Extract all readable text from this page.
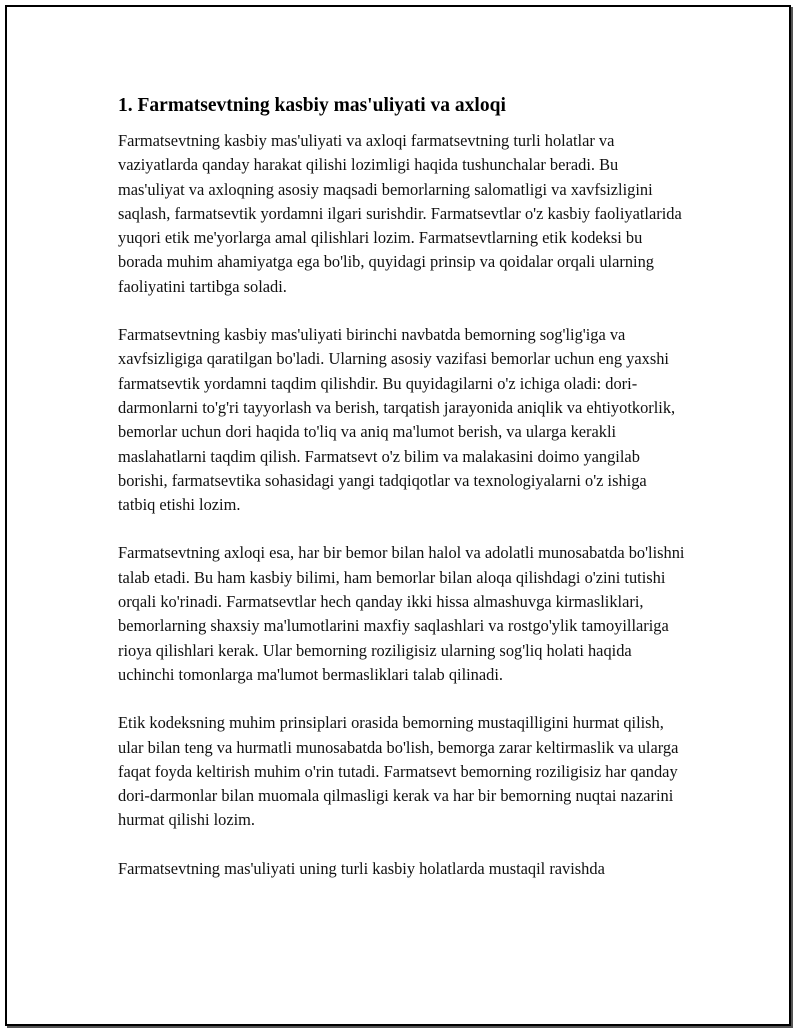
1. Farmatsevtning kasbiy mas'uliyati va axloqi

Farmatsevtning kasbiy mas'uliyati va axloqi farmatsevtning turli holatlar va vaziyatlarda qanday harakat qilishi lozimligi haqida tushunchalar beradi. Bu mas'uliyat va axloqning asosiy maqsadi bemorlarning salomatligi va xavfsizligini saqlash, farmatsevtik yordamni ilgari surishdir. Farmatsevtlar o'z kasbiy faoliyatlarida yuqori etik me'yorlarga amal qilishlari lozim. Farmatsevtlarning etik kodeksi bu borada muhim ahamiyatga ega bo'lib, quyidagi prinsip va qoidalar orqali ularning faoliyatini tartibga soladi.

Farmatsevtning kasbiy mas'uliyati birinchi navbatda bemorning sog'lig'iga va xavfsizligiga qaratilgan bo'ladi. Ularning asosiy vazifasi bemorlar uchun eng yaxshi farmatsevtik yordamni taqdim qilishdir. Bu quyidagilarni o'z ichiga oladi: dori-darmonlarni to'g'ri tayyorlash va berish, tarqatish jarayonida aniqlik va ehtiyotkorlik, bemorlar uchun dori haqida to'liq va aniq ma'lumot berish, va ularga kerakli maslahatlarni taqdim qilish. Farmatsevt o'z bilim va malakasini doimo yangilab borishi, farmatsevtika sohasidagi yangi tadqiqotlar va texnologiyalarni o'z ishiga tatbiq etishi lozim.

Farmatsevtning axloqi esa, har bir bemor bilan halol va adolatli munosabatda bo'lishni talab etadi. Bu ham kasbiy bilimi, ham bemorlar bilan aloqa qilishdagi o'zini tutishi orqali ko'rinadi. Farmatsevtlar hech qanday ikki hissa almashuvga kirmasliklari, bemorlarning shaxsiy ma'lumotlarini maxfiy saqlashlari va rostgo'ylik tamoyillariga rioya qilishlari kerak. Ular bemorning roziligisiz ularning sog'liq holati haqida uchinchi tomonlarga ma'lumot bermasliklari talab qilinadi.

Etik kodeksning muhim prinsiplari orasida bemorning mustaqilligini hurmat qilish, ular bilan teng va hurmatli munosabatda bo'lish, bemorga zarar keltirmaslik va ularga faqat foyda keltirish muhim o'rin tutadi. Farmatsevt bemorning roziligisiz har qanday dori-darmonlar bilan muomala qilmasligi kerak va har bir bemorning nuqtai nazarini hurmat qilishi lozim.

Farmatsevtning mas'uliyati uning turli kasbiy holatlarda mustaqil ravishda
